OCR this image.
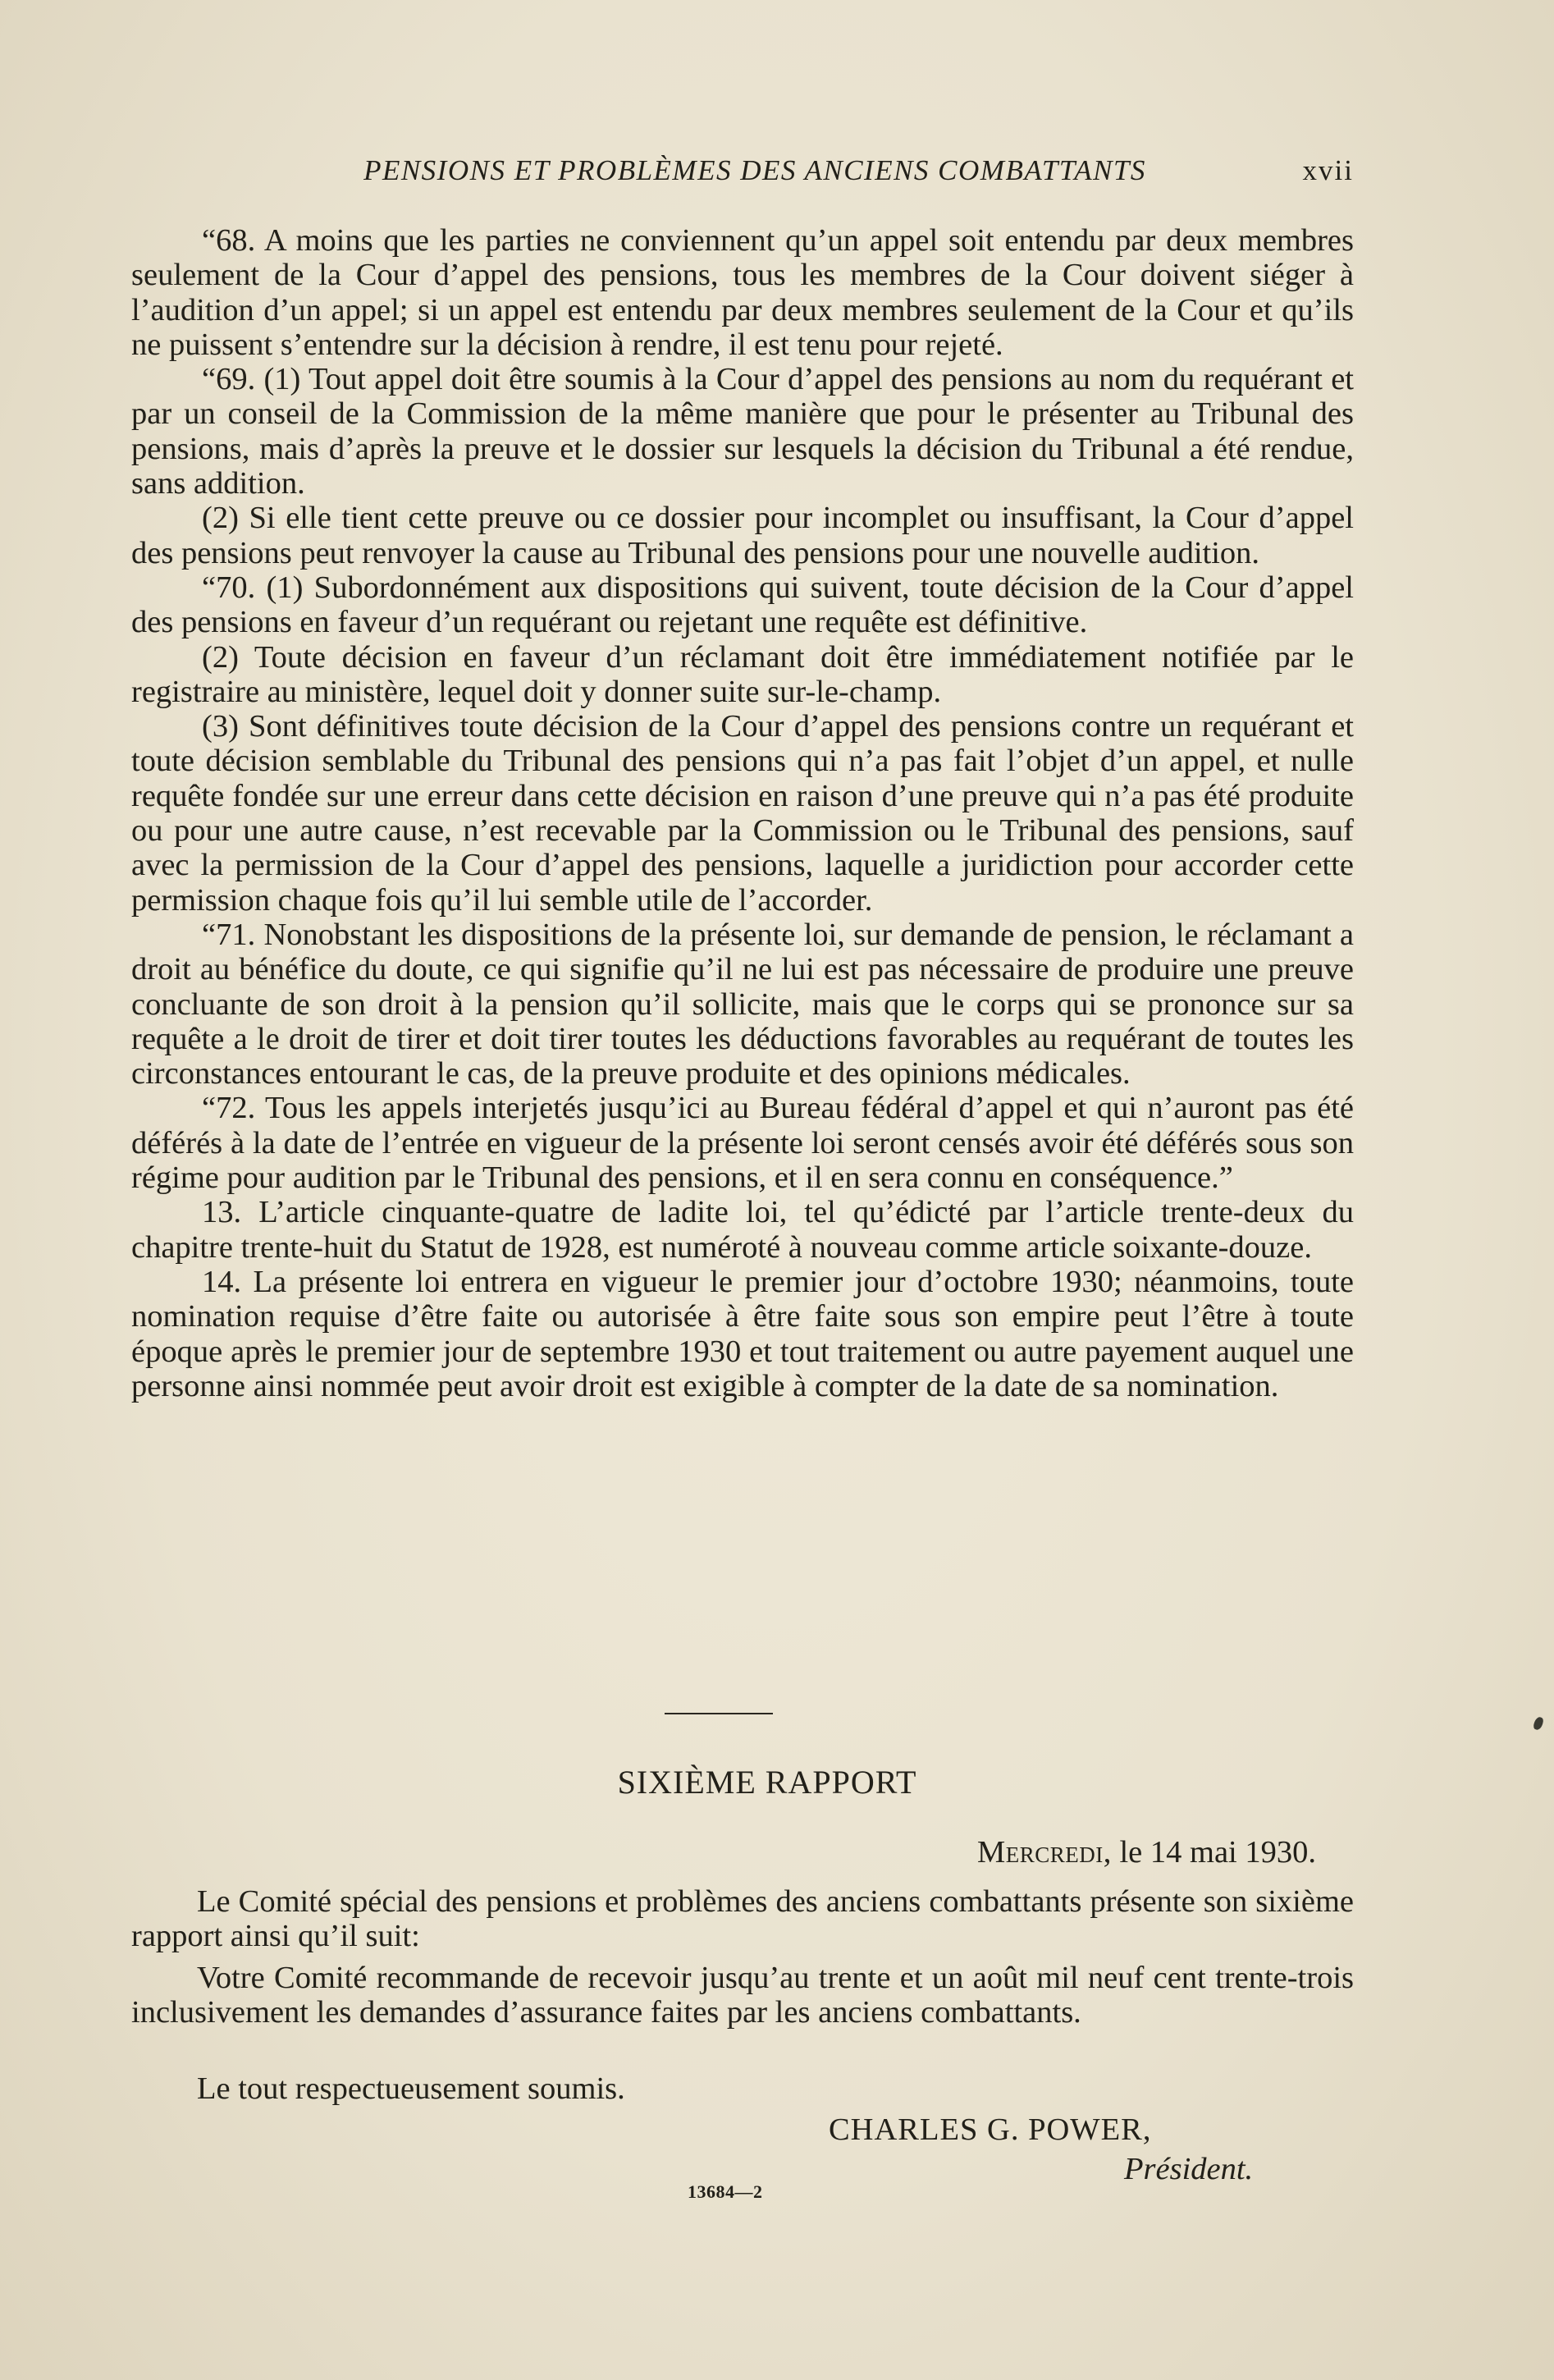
PENSIONS ET PROBLÈMES DES ANCIENS COMBATTANTS	xvii

“68. A moins que les parties ne conviennent qu’un appel soit entendu par deux membres seulement de la Cour d’appel des pensions, tous les membres de la Cour doivent siéger à l’audition d’un appel; si un appel est entendu par deux membres seulement de la Cour et qu’ils ne puissent s’entendre sur la décision à rendre, il est tenu pour rejeté.

“69. (1) Tout appel doit être soumis à la Cour d’appel des pensions au nom du requérant et par un conseil de la Commission de la même manière que pour le présenter au Tribunal des pensions, mais d’après la preuve et le dossier sur lesquels la décision du Tribunal a été rendue, sans addition.

(2) Si elle tient cette preuve ou ce dossier pour incomplet ou insuffisant, la Cour d’appel des pensions peut renvoyer la cause au Tribunal des pensions pour une nouvelle audition.

“70. (1) Subordonnément aux dispositions qui suivent, toute décision de la Cour d’appel des pensions en faveur d’un requérant ou rejetant une requête est définitive.

(2) Toute décision en faveur d’un réclamant doit être immédiatement notifiée par le registraire au ministère, lequel doit y donner suite sur-le-champ.

(3) Sont définitives toute décision de la Cour d’appel des pensions contre un requérant et toute décision semblable du Tribunal des pensions qui n’a pas fait l’objet d’un appel, et nulle requête fondée sur une erreur dans cette décision en raison d’une preuve qui n’a pas été produite ou pour une autre cause, n’est recevable par la Commission ou le Tribunal des pensions, sauf avec la permission de la Cour d’appel des pensions, laquelle a juridiction pour accorder cette permission chaque fois qu’il lui semble utile de l’accorder.

“71. Nonobstant les dispositions de la présente loi, sur demande de pension, le réclamant a droit au bénéfice du doute, ce qui signifie qu’il ne lui est pas nécessaire de produire une preuve concluante de son droit à la pension qu’il sollicite, mais que le corps qui se prononce sur sa requête a le droit de tirer et doit tirer toutes les déductions favorables au requérant de toutes les circonstances entourant le cas, de la preuve produite et des opinions médicales.

“72. Tous les appels interjetés jusqu’ici au Bureau fédéral d’appel et qui n’auront pas été déférés à la date de l’entrée en vigueur de la présente loi seront censés avoir été déférés sous son régime pour audition par le Tribunal des pensions, et il en sera connu en conséquence.”

13. L’article cinquante-quatre de ladite loi, tel qu’édicté par l’article trente-deux du chapitre trente-huit du Statut de 1928, est numéroté à nouveau comme article soixante-douze.

14. La présente loi entrera en vigueur le premier jour d’octobre 1930; néanmoins, toute nomination requise d’être faite ou autorisée à être faite sous son empire peut l’être à toute époque après le premier jour de septembre 1930 et tout traitement ou autre payement auquel une personne ainsi nommée peut avoir droit est exigible à compter de la date de sa nomination.

SIXIÈME RAPPORT
Mercredi, le 14 mai 1930.

Le Comité spécial des pensions et problèmes des anciens combattants présente son sixième rapport ainsi qu’il suit:

Votre Comité recommande de recevoir jusqu’au trente et un août mil neuf cent trente-trois inclusivement les demandes d’assurance faites par les anciens combattants.

Le tout respectueusement soumis.
CHARLES G. POWER,
Président.
13684—2
